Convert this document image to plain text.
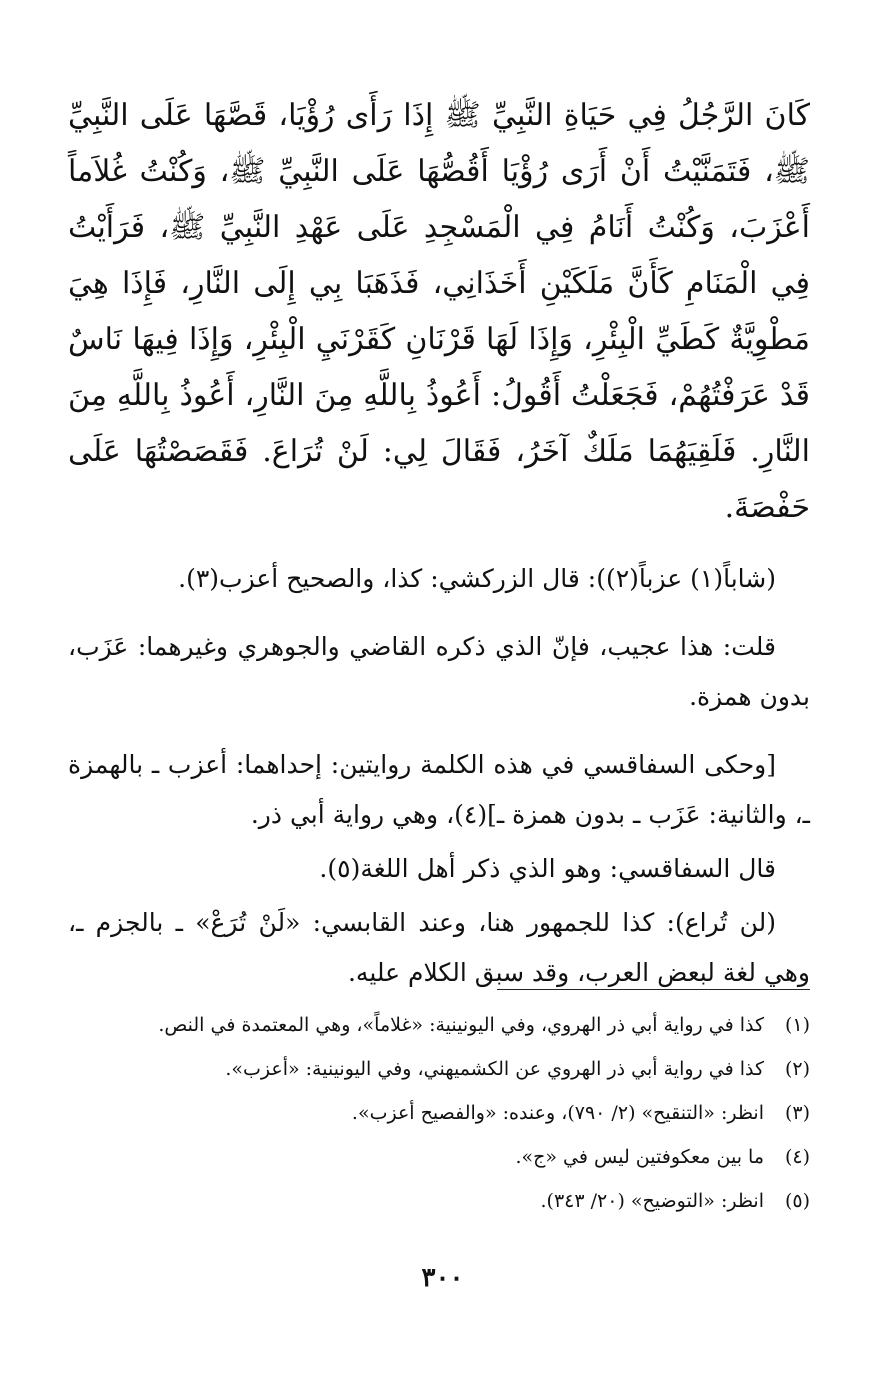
كَانَ الرَّجُلُ فِي حَيَاةِ النَّبِيِّ ﷺ إِذَا رَأَى رُؤْيَا، قَصَّهَا عَلَى النَّبِيِّ ﷺ، فَتَمَنَّيْتُ أَنْ أَرَى رُؤْيَا أَقُصُّهَا عَلَى النَّبِيِّ ﷺ، وَكُنْتُ غُلاَماً أَعْزَبَ، وَكُنْتُ أَنَامُ فِي الْمَسْجِدِ عَلَى عَهْدِ النَّبِيِّ ﷺ، فَرَأَيْتُ فِي الْمَنَامِ كَأَنَّ مَلَكَيْنِ أَخَذَانِي، فَذَهَبَا بِي إِلَى النَّارِ، فَإِذَا هِيَ مَطْوِيَّةٌ كَطَيِّ الْبِئْرِ، وَإِذَا لَهَا قَرْنَانِ كَقَرْنَيِ الْبِئْرِ، وَإِذَا فِيهَا نَاسٌ قَدْ عَرَفْتُهُمْ، فَجَعَلْتُ أَقُولُ: أَعُوذُ بِاللَّهِ مِنَ النَّارِ، أَعُوذُ بِاللَّهِ مِنَ النَّارِ. فَلَقِيَهُمَا مَلَكٌ آخَرُ، فَقَالَ لِي: لَنْ تُرَاعَ. فَقَصَصْتُهَا عَلَى حَفْصَةَ.

(شاباً(١) عزباً(٢)): قال الزركشي: كذا، والصحيح أعزب(٣).

قلت: هذا عجيب، فإنّ الذي ذكره القاضي والجوهري وغيرهما: عَزَب، بدون همزة.

[وحكى السفاقسي في هذه الكلمة روايتين: إحداهما: أعزب ـ بالهمزة ـ، والثانية: عَزَب ـ بدون همزة ـ](٤)، وهي رواية أبي ذر.

قال السفاقسي: وهو الذي ذكر أهل اللغة(٥).

(لن تُراع): كذا للجمهور هنا، وعند القابسي: «لَنْ تُرَعْ» ـ بالجزم ـ، وهي لغة لبعض العرب، وقد سبق الكلام عليه.

(١)
كذا في رواية أبي ذر الهروي، وفي اليونينية: «غلاماً»، وهي المعتمدة في النص.
(٢)
كذا في رواية أبي ذر الهروي عن الكشميهني، وفي اليونينية: «أعزب».
(٣)
انظر: «التنقيح» (٢/ ٧٩٠)، وعنده: «والفصيح أعزب».
(٤)
ما بين معكوفتين ليس في «ج».
(٥)
انظر: «التوضيح» (٢٠/ ٣٤٣).
٣٠٠
